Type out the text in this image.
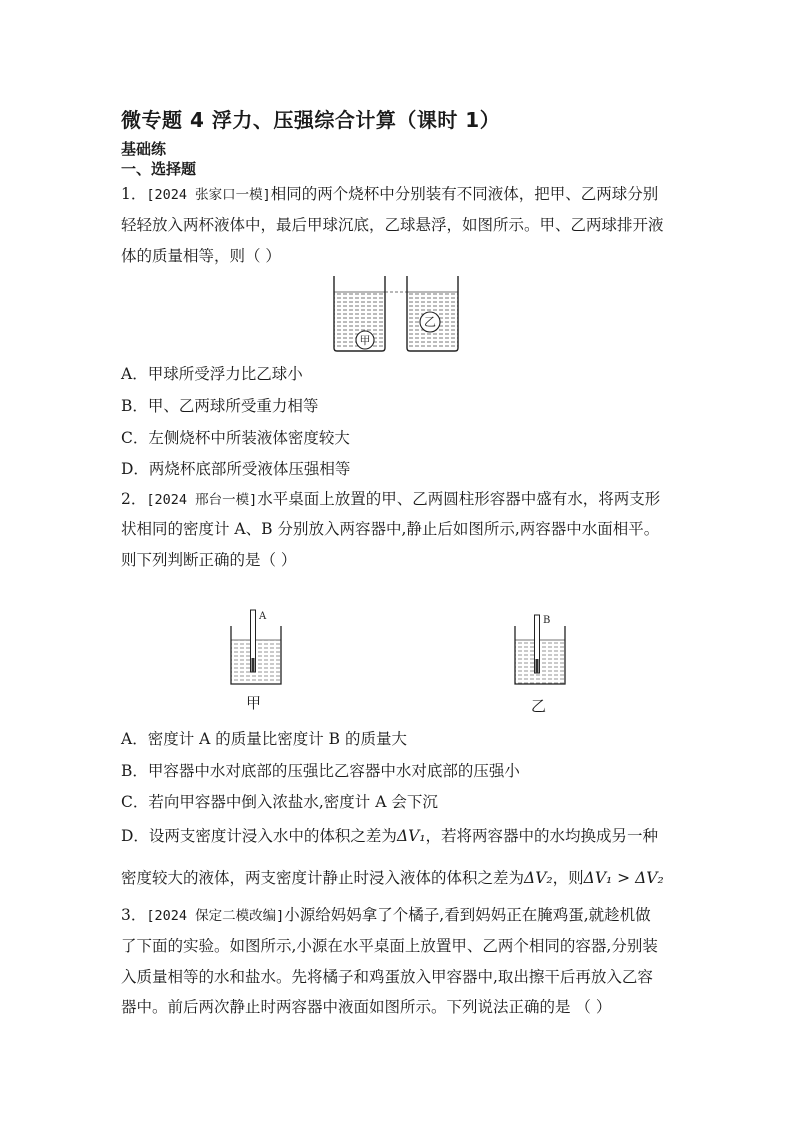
微专题 4 浮力、压强综合计算（课时 1）
基础练
一、选择题
1．[2024 张家口一模]相同的两个烧杯中分别装有不同液体，把甲、乙两球分别
轻轻放入两杯液体中，最后甲球沉底，乙球悬浮，如图所示。甲、乙两球排开液
体的质量相等，则（ ）
甲
乙
A．甲球所受浮力比乙球小
B．甲、乙两球所受重力相等
C．左侧烧杯中所装液体密度较大
D．两烧杯底部所受液体压强相等
2．[2024 邢台一模]水平桌面上放置的甲、乙两圆柱形容器中盛有水，将两支形
状相同的密度计 A、B 分别放入两容器中,静止后如图所示,两容器中水面相平。
则下列判断正确的是（ ）
A
甲
B
乙
A．密度计 A 的质量比密度计 B 的质量大
B．甲容器中水对底部的压强比乙容器中水对底部的压强小
C．若向甲容器中倒入浓盐水,密度计 A 会下沉
D．设两支密度计浸入水中的体积之差为ΔV₁，若将两容器中的水均换成另一种
密度较大的液体，两支密度计静止时浸入液体的体积之差为ΔV₂，则ΔV₁ > ΔV₂
3．[2024 保定二模改编]小源给妈妈拿了个橘子,看到妈妈正在腌鸡蛋,就趁机做
了下面的实验。如图所示,小源在水平桌面上放置甲、乙两个相同的容器,分别装
入质量相等的水和盐水。先将橘子和鸡蛋放入甲容器中,取出擦干后再放入乙容
器中。前后两次静止时两容器中液面如图所示。下列说法正确的是 （ ）
